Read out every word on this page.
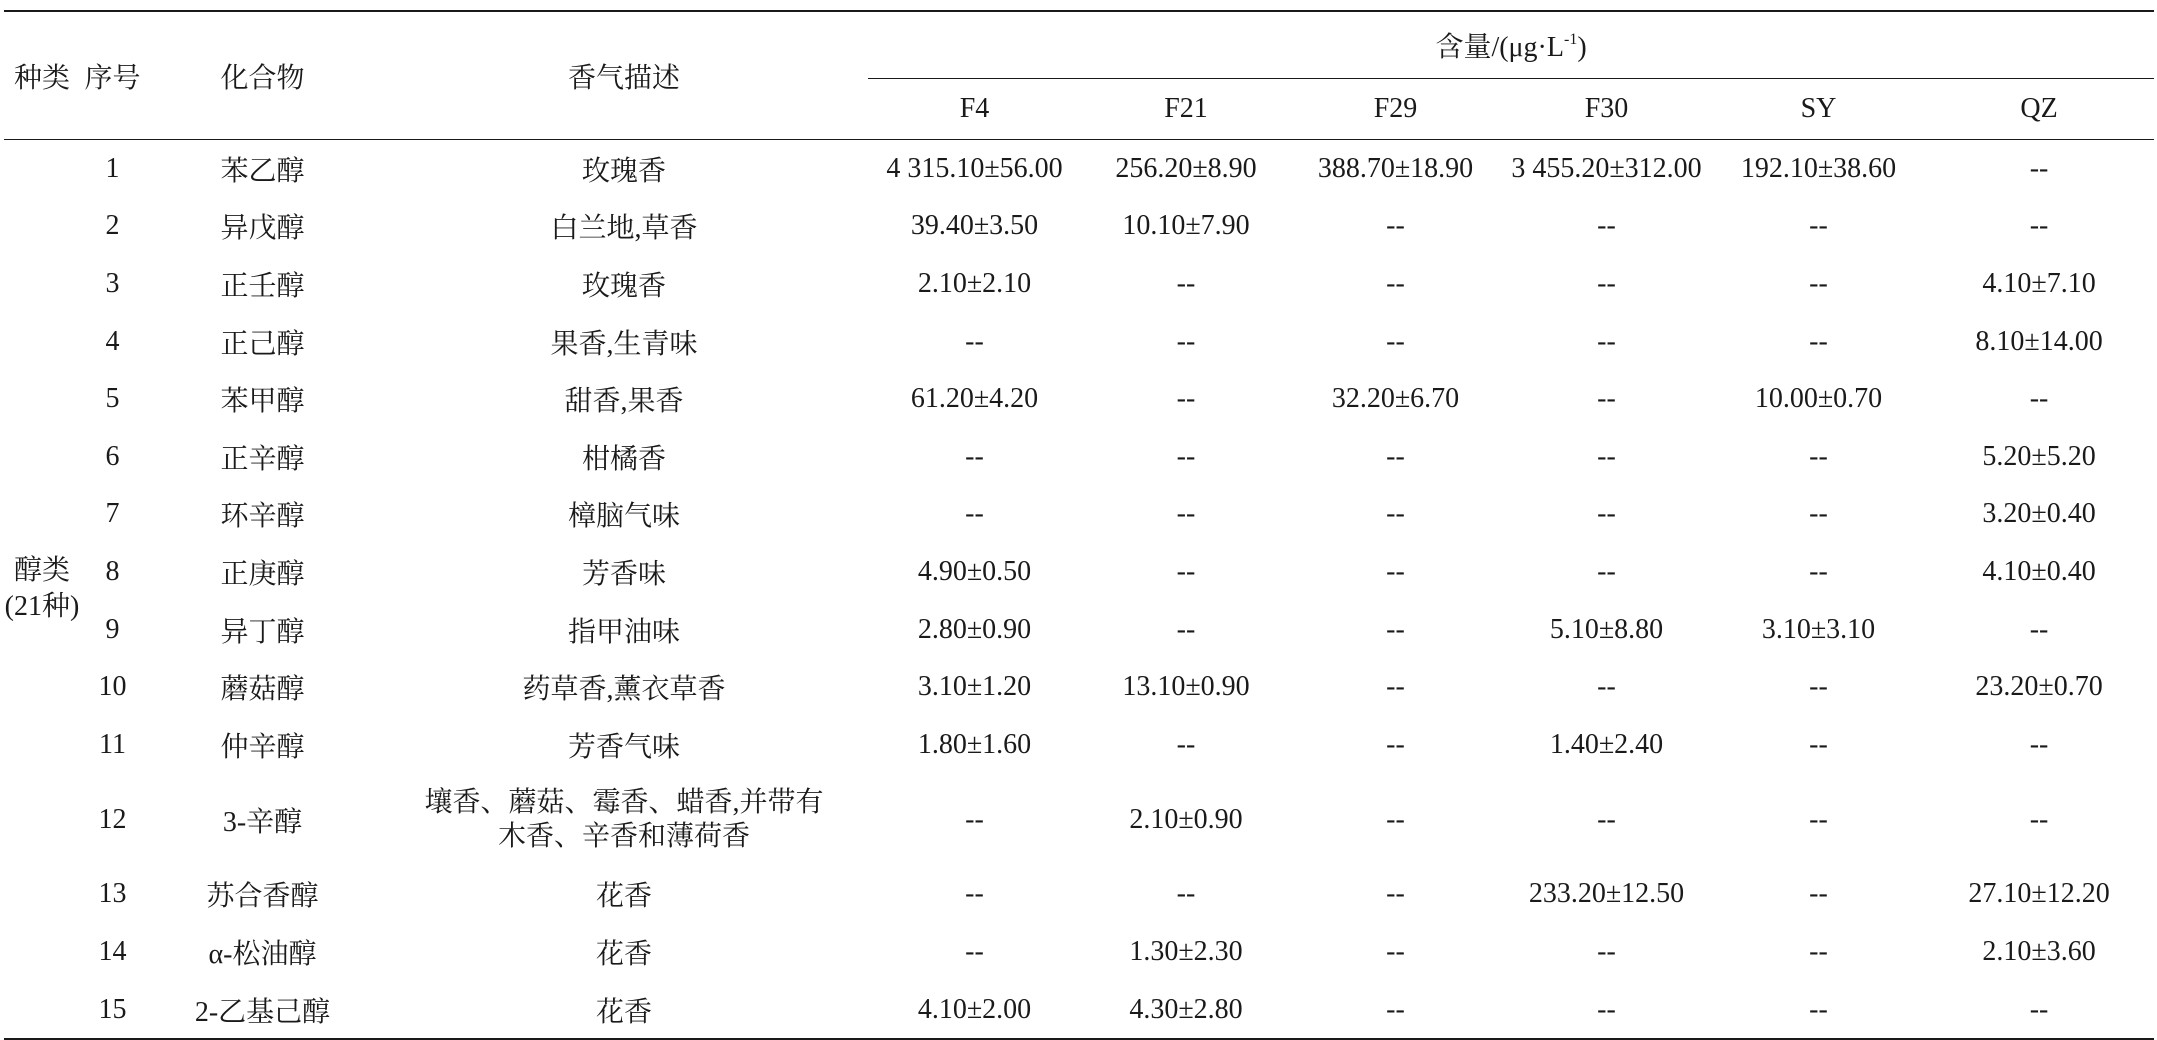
种类	序号	化合物	香气描述	含量$/(\mu g\cdot L^{-1})$					
				F4	F21	F29	F30	SY	QZ

醇类
(21种)	1	苯乙醇	玫瑰香	4 315.10±56.00	256.20±8.90	388.70±18.90	3 455.20±312.00	192.10±38.60	--
	2	异戊醇	白兰地,草香	39.40±3.50	10.10±7.90	--	--	--	--
	3	正壬醇	玫瑰香	2.10±2.10	--	--	--	--	4.10±7.10
	4	正己醇	果香,生青味	--	--	--	--	--	8.10±14.00
	5	苯甲醇	甜香,果香	61.20±4.20	--	32.20±6.70	--	10.00±0.70	--
	6	正辛醇	柑橘香	--	--	--	--	--	5.20±5.20
	7	环辛醇	樟脑气味	--	--	--	--	--	3.20±0.40
	8	正庚醇	芳香味	4.90±0.50	--	--	--	--	4.10±0.40
	9	异丁醇	指甲油味	2.80±0.90	--	--	5.10±8.80	3.10±3.10	--
	10	蘑菇醇	药草香,薰衣草香	3.10±1.20	13.10±0.90	--	--	--	23.20±0.70
	11	仲辛醇	芳香气味	1.80±1.60	--	--	1.40±2.40	--	--
	12	3-辛醇	壤香、蘑菇、霉香、蜡香,并带有木香、辛香和薄荷香	--	2.10±0.90	--	--	--	--
	13	苏合香醇	花香	--	--	--	233.20±12.50	--	27.10±12.20
	14	α-松油醇	花香	--	1.30±2.30	--	--	--	2.10±3.60
	15	2-乙基己醇	花香	4.10±2.00	4.30±2.80	--	--	--	--
